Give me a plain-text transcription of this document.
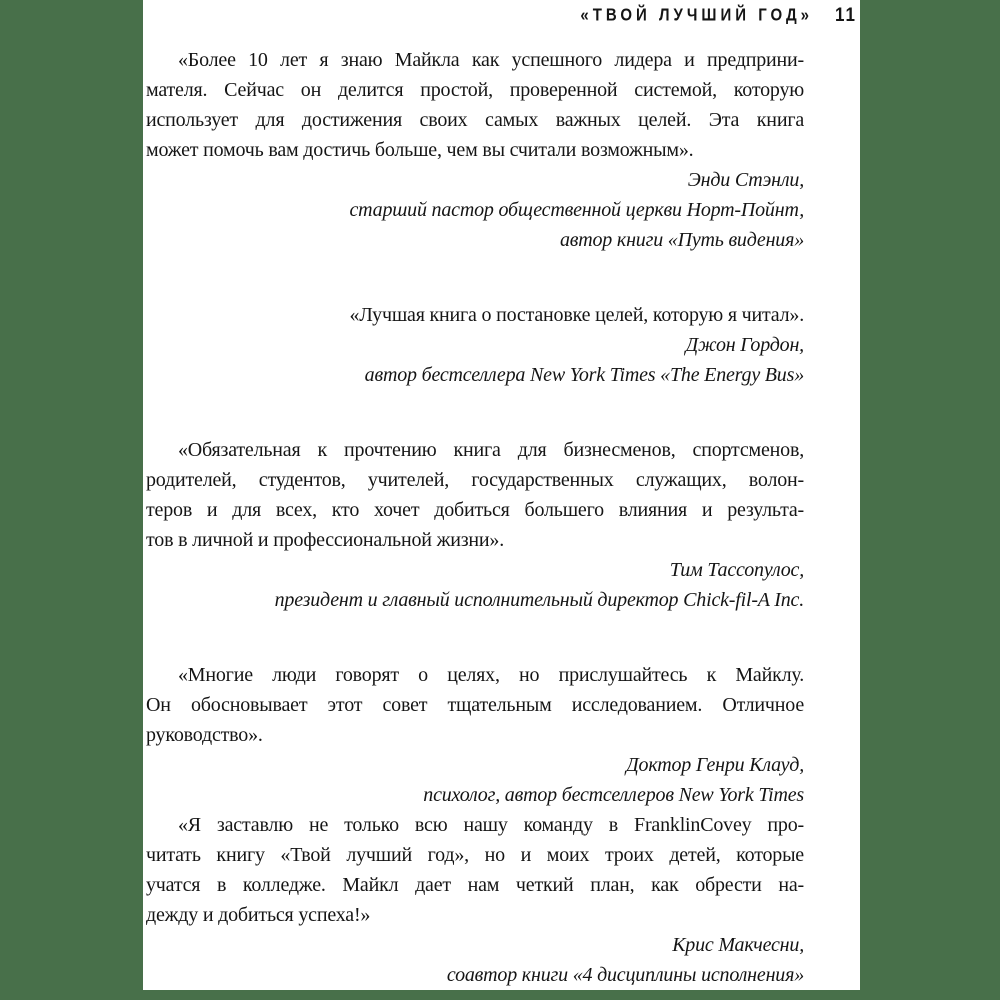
«ТВОЙ ЛУЧШИЙ ГОД» 11
«Более 10 лет я знаю Майкла как успешного лидера и предприни-
мателя. Сейчас он делится простой, проверенной системой, которую
использует для достижения своих самых важных целей. Эта книга
может помочь вам достичь больше, чем вы считали возможным».
Энди Стэнли,
старший пастор общественной церкви Норт-Пойнт,
автор книги «Путь видения»
«Лучшая книга о постановке целей, которую я читал».
Джон Гордон,
автор бестселлера New York Times «The Energy Bus»
«Обязательная к прочтению книга для бизнесменов, спортсменов,
родителей, студентов, учителей, государственных служащих, волон-
теров и для всех, кто хочет добиться большего влияния и результа-
тов в личной и профессиональной жизни».
Тим Тассопулос,
президент и главный исполнительный директор Chick-fil-A Inc.
«Многие люди говорят о целях, но прислушайтесь к Майклу.
Он обосновывает этот совет тщательным исследованием. Отличное
руководство».
Доктор Генри Клауд,
психолог, автор бестселлеров New York Times
«Я заставлю не только всю нашу команду в FranklinCovey про-
читать книгу «Твой лучший год», но и моих троих детей, которые
учатся в колледже. Майкл дает нам четкий план, как обрести на-
дежду и добиться успеха!»
Крис Макчесни,
соавтор книги «4 дисциплины исполнения»
